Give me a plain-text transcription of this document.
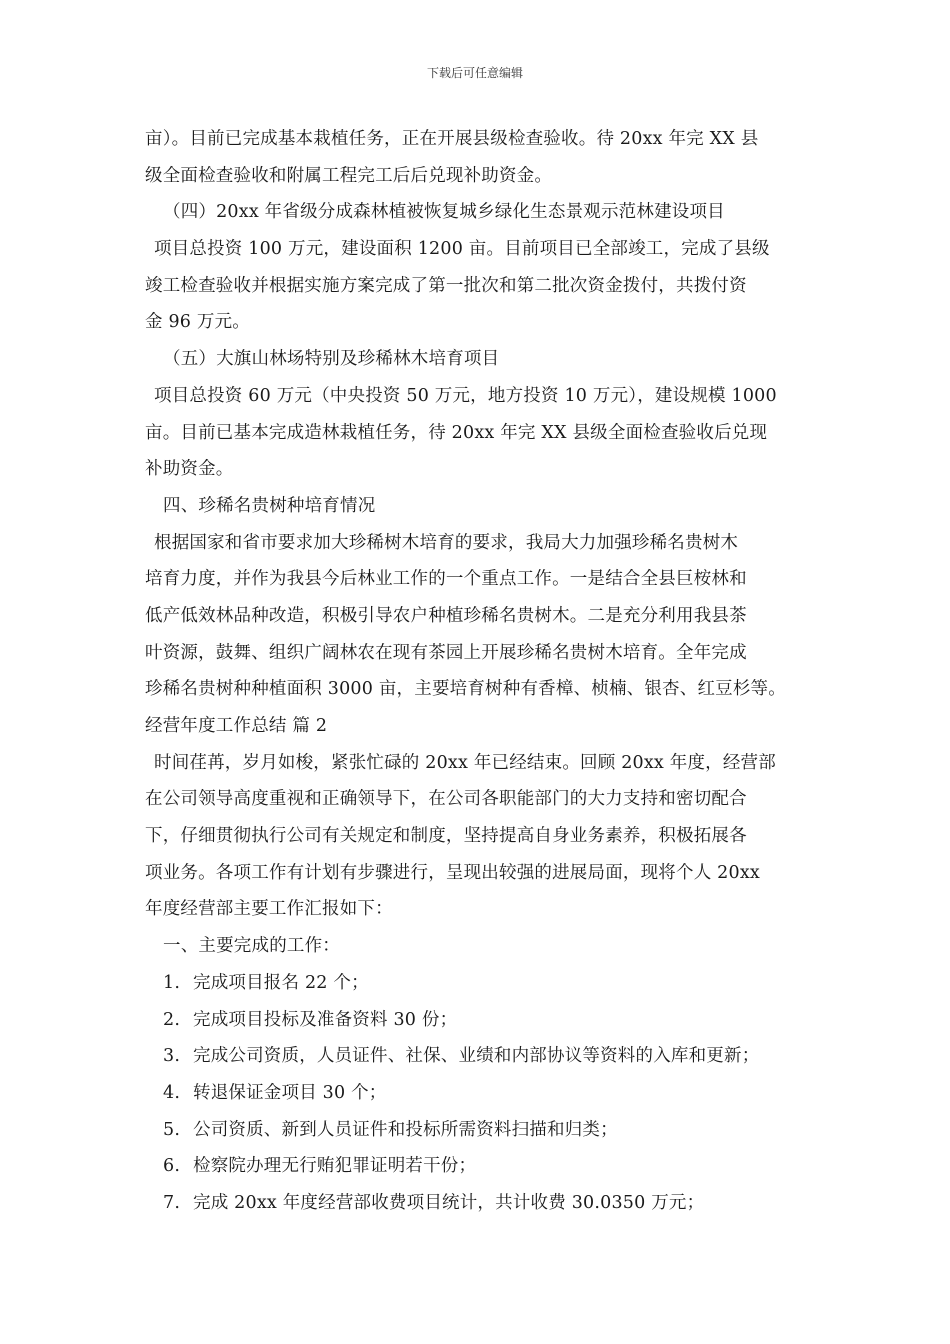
下载后可任意编辑
亩）。目前已完成基本栽植任务，正在开展县级检查验收。待 20xx 年完 XX 县
级全面检查验收和附属工程完工后后兑现补助资金。
（四）20xx 年省级分成森林植被恢复城乡绿化生态景观示范林建设项目
项目总投资 100 万元，建设面积 1200 亩。目前项目已全部竣工，完成了县级
竣工检查验收并根据实施方案完成了第一批次和第二批次资金拨付，共拨付资
金 96 万元。
（五）大旗山林场特别及珍稀林木培育项目
项目总投资 60 万元（中央投资 50 万元，地方投资 10 万元），建设规模 1000
亩。目前已基本完成造林栽植任务，待 20xx 年完 XX 县级全面检查验收后兑现
补助资金。
四、珍稀名贵树种培育情况
根据国家和省市要求加大珍稀树木培育的要求，我局大力加强珍稀名贵树木
培育力度，并作为我县今后林业工作的一个重点工作。一是结合全县巨桉林和
低产低效林品种改造，积极引导农户种植珍稀名贵树木。二是充分利用我县茶
叶资源，鼓舞、组织广阔林农在现有茶园上开展珍稀名贵树木培育。全年完成
珍稀名贵树种种植面积 3000 亩，主要培育树种有香樟、桢楠、银杏、红豆杉等。
经营年度工作总结 篇 2
时间荏苒，岁月如梭，紧张忙碌的 20xx 年已经结束。回顾 20xx 年度，经营部
在公司领导高度重视和正确领导下，在公司各职能部门的大力支持和密切配合
下，仔细贯彻执行公司有关规定和制度，坚持提高自身业务素养，积极拓展各
项业务。各项工作有计划有步骤进行，呈现出较强的进展局面，现将个人 20xx
年度经营部主要工作汇报如下：
一、主要完成的工作：
1. 完成项目报名 22 个；
2. 完成项目投标及准备资料 30 份；
3. 完成公司资质，人员证件、社保、业绩和内部协议等资料的入库和更新；
4. 转退保证金项目 30 个；
5. 公司资质、新到人员证件和投标所需资料扫描和归类；
6. 检察院办理无行贿犯罪证明若干份；
7. 完成 20xx 年度经营部收费项目统计，共计收费 30.0350 万元；
